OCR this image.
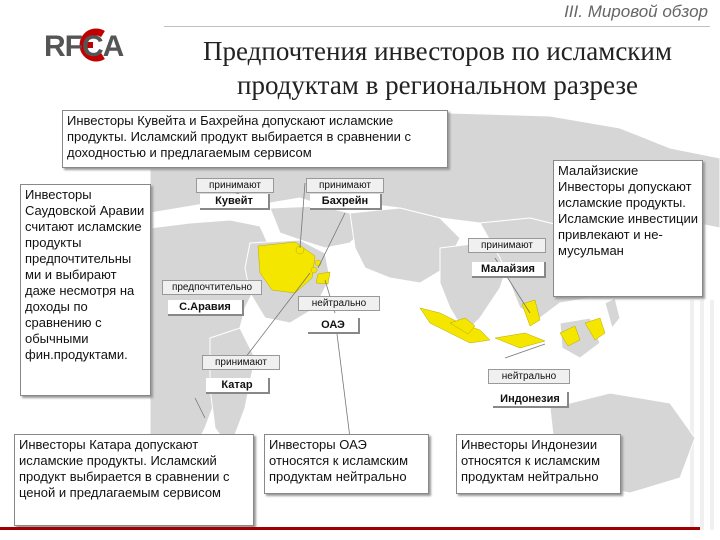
III. Мировой обзор
RFCA	Предпочтения инвесторов по исламским продуктам в региональном разрезе
Инвесторы Кувейта и Бахрейна допускают исламские продукты. Исламский продукт выбирается в сравнении с доходностью и предлагаемым сервисом
Инвесторы Саудовской Аравии считают исламские продукты предпочтительны ми и выбирают даже несмотря на доходы по сравнению с обычными фин.продуктами.
Малайзиские Инвесторы допускают исламские продукты. Исламские инвестиции привлекают и не-мусульман
Инвесторы Катара допускают исламские продукты. Исламский продукт выбирается в сравнении с ценой и предлагаемым сервисом
Инвесторы ОАЭ относятся к исламским продуктам нейтрально
Инвесторы Индонезии относятся к исламским продуктам нейтрально
принимают
Кувейт
принимают
Бахрейн
принимают
Малайзия
предпочтительно
С.Аравия	нейтрально
ОАЭ
принимают
Катар
нейтрально
Индонезия
